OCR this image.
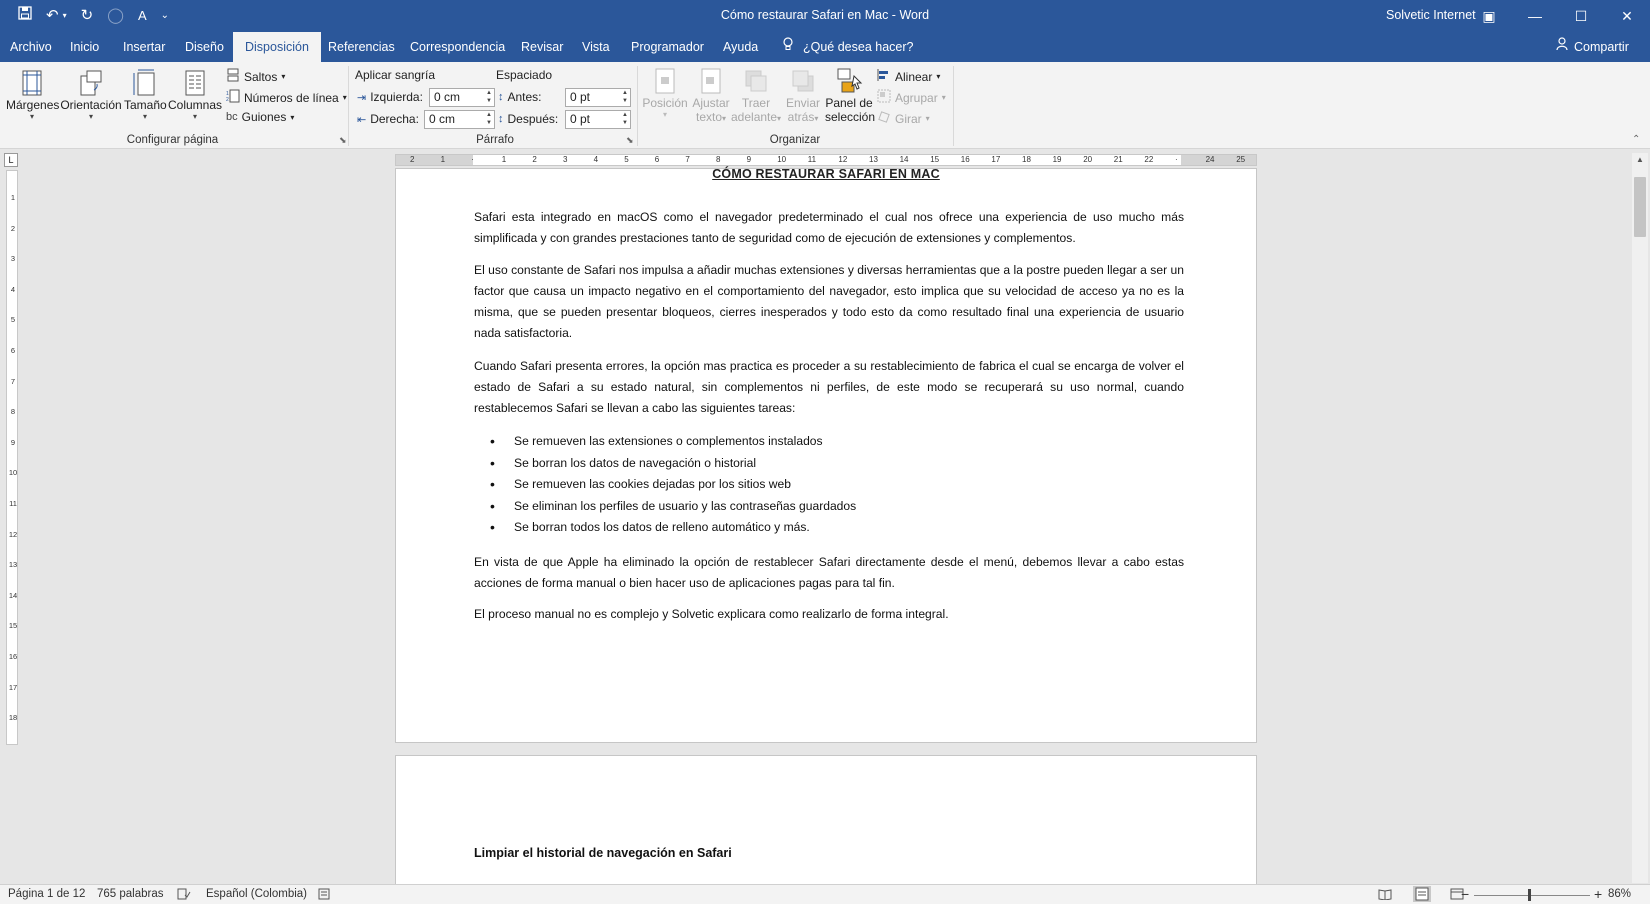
↶ ▾ ↻ ◯ A ⌄	Cómo restaurar Safari en Mac - Word	Solvetic Internet ▣	—	☐	✕
Archivo Inicio Insertar Diseño	Disposición	Referencias Correspondencia Revisar Vista Programador Ayuda	¿Qué desea hacer?	Compartir
Márgenes
▾
Orientación
▾
Tamaño
▾
Columnas
▾
Saltos ▾
1
2 Números de línea ▾
bc Guiones ▾
Configurar página	⬊
Aplicar sangría
⇥ Izquierda: 0 cm	▲
▼
⇤ Derecha: 0 cm	▲
▼
Espaciado
↕ Antes:	0 pt	▲
▼
↕ Después: 0 pt	▲
▼
Párrafo	⬊
Posición

▾
Ajustar
texto▾
Traer
adelante▾
Enviar
atrás▾
Panel de
selección
Alinear ▾
Agrupar ▾
Girar ▾
Organizar	⌃
L	2	1	·	1	2	3	4	5	6	7	8	9	10	11	12	13	14	15	16	17	18	19	20	21	22	·	24	25
1
2
3
4
5
6
7
8
9
10
11
12
13
14
15
16
17
18
CÓMO RESTAURAR SAFARI EN MAC

Safari esta integrado en macOS como el navegador predeterminado el cual nos ofrece una experiencia de uso mucho más simplificada y con grandes prestaciones tanto de seguridad como de ejecución de extensiones y complementos.

El uso constante de Safari nos impulsa a añadir muchas extensiones y diversas herramientas que a la postre pueden llegar a ser un factor que causa un impacto negativo en el comportamiento del navegador, esto implica que su velocidad de acceso ya no es la misma, que se pueden presentar bloqueos, cierres inesperados y todo esto da como resultado final una experiencia de usuario nada satisfactoria.

Cuando Safari presenta errores, la opción mas practica es proceder a su restablecimiento de fabrica el cual se encarga de volver el estado de Safari a su estado natural, sin complementos ni perfiles, de este modo se recuperará su uso normal, cuando restablecemos Safari se llevan a cabo las siguientes tareas:

• Se remueven las extensiones o complementos instalados
• Se borran los datos de navegación o historial
• Se remueven las cookies dejadas por los sitios web
• Se eliminan los perfiles de usuario y las contraseñas guardados
• Se borran todos los datos de relleno automático y más.

En vista de que Apple ha eliminado la opción de restablecer Safari directamente desde el menú, debemos llevar a cabo estas acciones de forma manual o bien hacer uso de aplicaciones pagas para tal fin.

El proceso manual no es complejo y Solvetic explicara como realizarlo de forma integral.

Limpiar el historial de navegación en Safari
▲
Página 1 de 12 765 palabras	Español (Colombia)	−	+ 86%
